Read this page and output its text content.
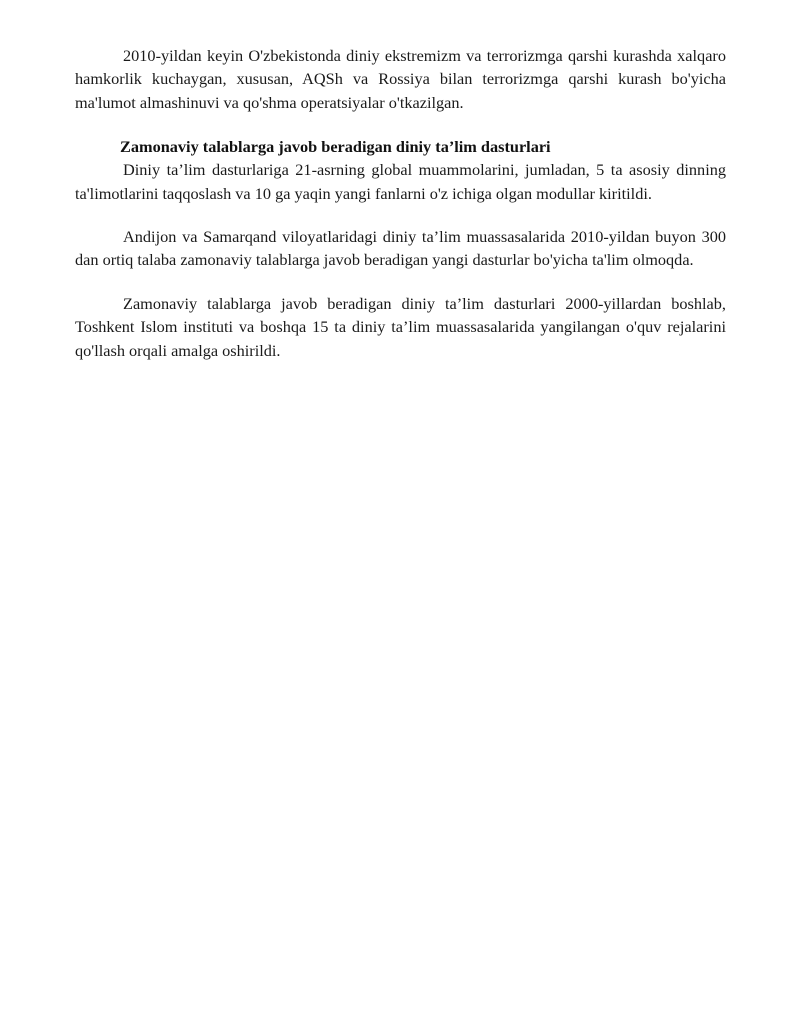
2010-yildan keyin O'zbekistonda diniy ekstremizm va terrorizmga qarshi kurashda xalqaro hamkorlik kuchaygan, xususan, AQSh va Rossiya bilan terrorizmga qarshi kurash bo'yicha ma'lumot almashinuvi va qo'shma operatsiyalar o'tkazilgan.

Zamonaviy talablarga javob beradigan diniy ta’lim dasturlari

Diniy ta’lim dasturlariga 21-asrning global muammolarini, jumladan, 5 ta asosiy dinning ta'limotlarini taqqoslash va 10 ga yaqin yangi fanlarni o'z ichiga olgan modullar kiritildi.

Andijon va Samarqand viloyatlaridagi diniy ta’lim muassasalarida 2010-yildan buyon 300 dan ortiq talaba zamonaviy talablarga javob beradigan yangi dasturlar bo'yicha ta'lim olmoqda.

Zamonaviy talablarga javob beradigan diniy ta’lim dasturlari 2000-yillardan boshlab, Toshkent Islom instituti va boshqa 15 ta diniy ta’lim muassasalarida yangilangan o'quv rejalarini qo'llash orqali amalga oshirildi.
